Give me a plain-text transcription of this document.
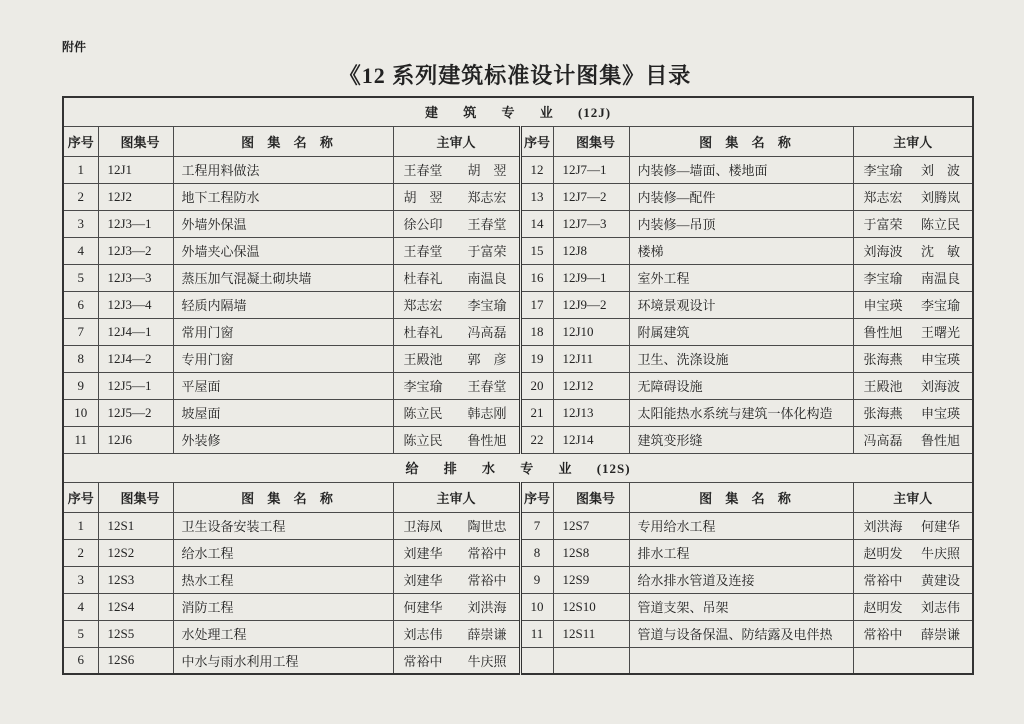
附件
《12 系列建筑标准设计图集》目录
建 筑 专 业 (12J)							
序号	图集号	图 集 名 称	主审人	序号	图集号	图 集 名 称	主审人
1	12J1	工程用料做法	王春堂 胡　翌	12	12J7—1	内装修—墙面、楼地面	李宝瑜 刘　波

2	12J2	地下工程防水	胡　翌 郑志宏	13	12J7—2	内装修—配件	郑志宏 刘腾岚

3	12J3—1	外墙外保温	徐公印 王春堂	14	12J7—3	内装修—吊顶	于富荣 陈立民

4	12J3—2	外墙夹心保温	王春堂 于富荣	15	12J8	楼梯	刘海波 沈　敏

5	12J3—3	蒸压加气混凝土砌块墙	杜春礼 南温良	16	12J9—1	室外工程	李宝瑜 南温良

6	12J3—4	轻质内隔墙	郑志宏 李宝瑜	17	12J9—2	环境景观设计	申宝瑛 李宝瑜

7	12J4—1	常用门窗	杜春礼 冯高磊	18	12J10	附属建筑	鲁性旭 王曙光

8	12J4—2	专用门窗	王殿池 郭　彦	19	12J11	卫生、洗涤设施	张海燕 申宝瑛

9	12J5—1	平屋面	李宝瑜 王春堂	20	12J12	无障碍设施	王殿池 刘海波

10	12J5—2	坡屋面	陈立民 韩志刚	21	12J13	太阳能热水系统与建筑一体化构造	张海燕 申宝瑛

11	12J6	外装修	陈立民 鲁性旭	22	12J14	建筑变形缝	冯高磊 鲁性旭

给 排 水 专 业 (12S)							
序号	图集号	图 集 名 称	主审人	序号	图集号	图 集 名 称	主审人
1	12S1	卫生设备安装工程	卫海凤 陶世忠	7	12S7	专用给水工程	刘洪海 何建华

2	12S2	给水工程	刘建华 常裕中	8	12S8	排水工程	赵明发 牛庆照

3	12S3	热水工程	刘建华 常裕中	9	12S9	给水排水管道及连接	常裕中 黄建设

4	12S4	消防工程	何建华 刘洪海	10	12S10	管道支架、吊架	赵明发 刘志伟

5	12S5	水处理工程	刘志伟 薛崇谦	11	12S11	管道与设备保温、防结露及电伴热	常裕中 薛崇谦

6	12S6	中水与雨水利用工程	常裕中 牛庆照				
